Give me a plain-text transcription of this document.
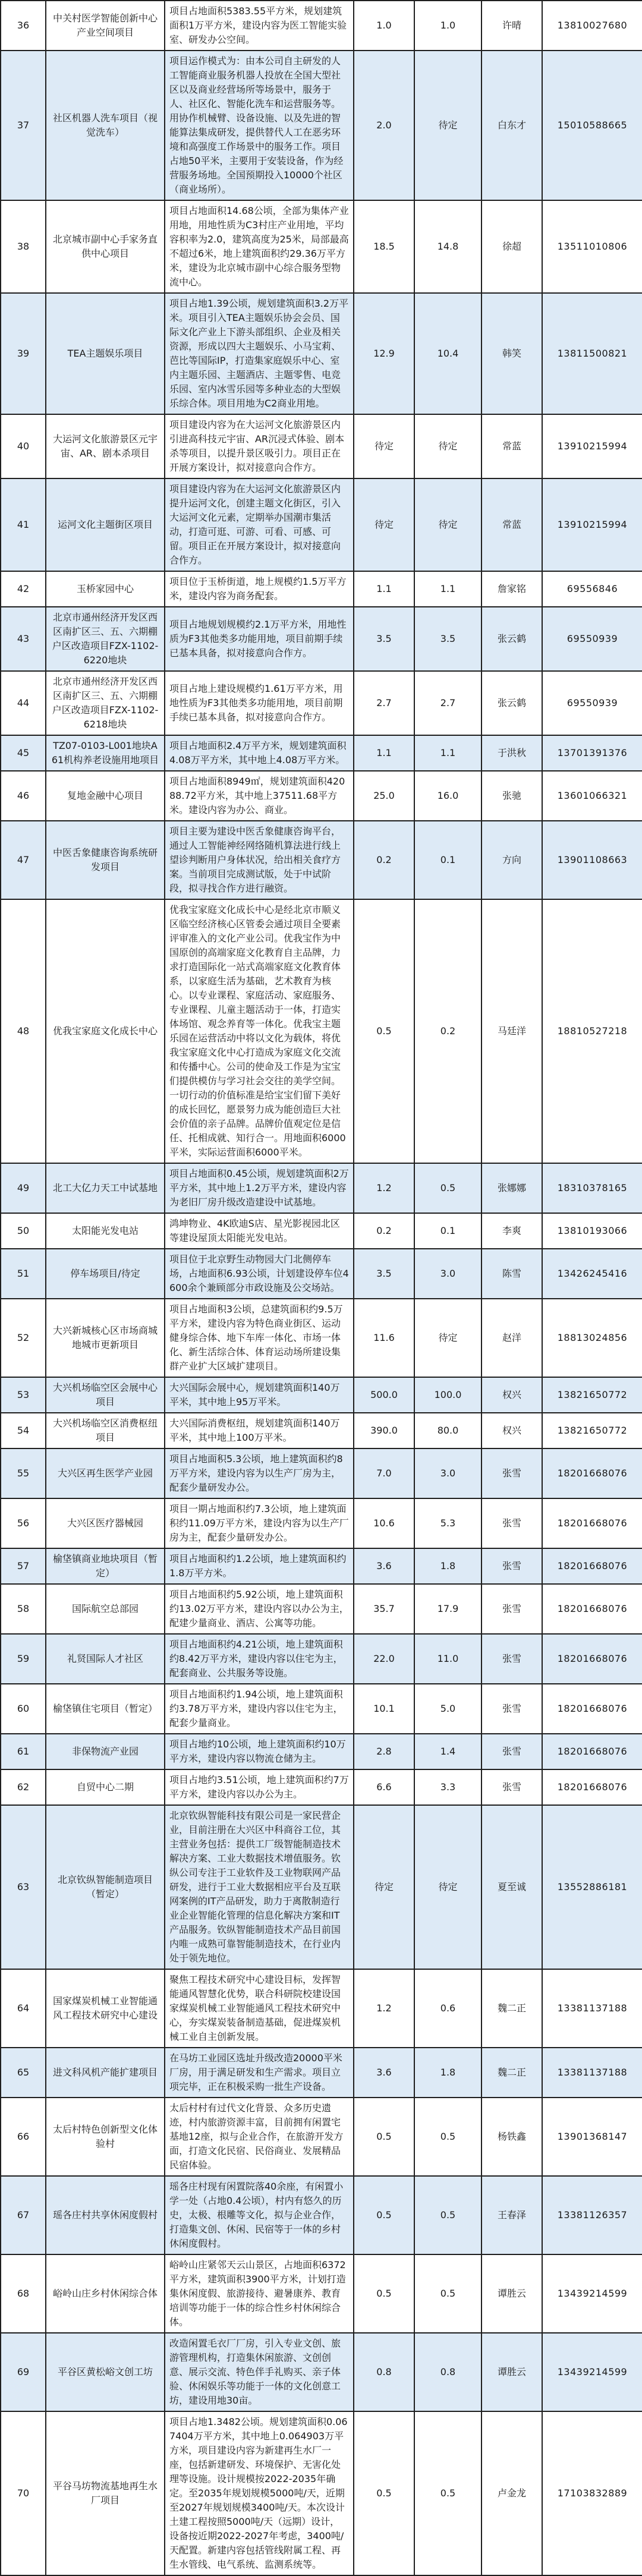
36	中关村医学智能创新中心产业空间项目	项目占地面积5383.55平方米，规划建筑面积1万平方米，建设内容为医工智能实验室、研发办公空间。	1.0	1.0	许晴	13810027680
37	社区机器人洗车项目（视觉洗车）	项目运作模式为：由本公司自主研发的人工智能商业服务机器人投放在全国大型社区以及商业经营场所等场景中，服务于人、社区化、智能化洗车和运营服务等。用协作机械臂、设备设施、以及先进的智能算法集成研发，提供替代人工在恶劣环境和高强度工作场景中的服务工作。项目占地50平米，主要用于安装设备，作为经营服务场地。全国预期投入10000个社区（商业场所）。	2.0	待定	白东才	15010588665
38	北京城市副中心手家务直供中心项目	项目占地面积14.68公顷，全部为集体产业用地，用地性质为C3村庄产业用地，平均容积率为2.0，建筑高度为25米，局部最高不超过6米，地上建筑面积约29.36万平方米，建设为北京城市副中心综合服务型物流中心。	18.5	14.8	徐超	13511010806
39	TEA主题娱乐项目	项目占地1.39公顷，规划建筑面积3.2万平米。项目引入TEA主题娱乐协会会员、国际文化产业上下游头部组织、企业及相关资源，形成以四大主题娱乐、小马宝莉、芭比等国际IP，打造集家庭娱乐中心、室内主题乐园、主题酒店、主题零售、电竞乐园、室内冰雪乐园等多种业态的大型娱乐综合体。项目用地为C2商业用地。	12.9	10.4	韩笑	13811500821
40	大运河文化旅游景区元宇宙、AR、剧本杀项目	项目建设内容为在大运河文化旅游景区内引进高科技元宇宙、AR沉浸式体验、剧本杀等项目，以提升景区吸引力。项目正在开展方案设计，拟对接意向合作方。	待定	待定	常蓝	13910215994
41	运河文化主题街区项目	项目建设内容为在大运河文化旅游景区内提升运河文化，创建主题文化街区，引入大运河文化元素，定期举办国潮市集活动，打造可逛、可游、可看、可感、可留。项目正在开展方案设计，拟对接意向合作方。	待定	待定	常蓝	13910215994
42	玉桥家园中心	项目位于玉桥街道，地上规模约1.5万平方米，建设内容为商务配套。	1.1	1.1	詹家铭	69556846
43	北京市通州经济开发区西区南扩区三、五、六期棚户区改造项目FZX-1102-6220地块	项目占地规划规模约2.1万平方米，用地性质为F3其他类多功能用地，项目前期手续已基本具备，拟对接意向合作方。	3.5	3.5	张云鹤	69550939
44	北京市通州经济开发区西区南扩区三、五、六期棚户区改造项目FZX-1102-6218地块	项目占地上建设规模约1.61万平方米，用地性质为F3其他类多功能用地，项目前期手续已基本具备，拟对接意向合作方。	2.7	2.7	张云鹤	69550939
45	TZ07-0103-L001地块A61机构养老设施用地项目	项目占地面积2.4万平方米，规划建筑面积4.08万平方米，其中地上4.08万平方米。	1.1	1.1	于洪秋	13701391376
46	复地金融中心项目	项目占地面积8949㎡，规划建筑面积42088.72平方米，其中地上37511.68平方米。建设内容为办公、商业。	25.0	16.0	张驰	13601066321
47	中医舌象健康咨询系统研发项目	项目主要为建设中医舌象健康咨询平台，通过人工智能神经网络随机算法进行线上望诊判断用户身体状况，给出相关食疗方案。当前项目完成测试版，处于中试阶段，拟寻找合作方进行融资。	0.2	0.1	方向	13901108663
48	优我宝家庭文化成长中心	优我宝家庭文化成长中心是经北京市顺义区临空经济核心区管委会通过项目全要素评审准入的文化产业公司。优我宝作为中国原创的高端家庭文化教育自主品牌，力求打造国际化一站式高端家庭文化教育体系，以家庭生活为基础，艺术教育为核心。以专业课程、家庭活动、家庭服务、专业课程、儿童主题活动于一体，打造实体场馆、观念养育等一体化。优我宝主题乐园在运营活动中将以文化为载体，将优我宝家庭文化中心打造成为家庭文化交流和传播中心。公司的使命及工作是为宝宝们提供模仿与学习社会交往的美学空间。一切行动的价值标准是给宝宝们留下美好的成长回忆，愿景努力成为能创造巨大社会价值的亲子品牌。品牌价值观定位是信任、托相成就、知行合一。用地面积6000平米，实际运营面积6000平米。	0.5	0.2	马廷洋	18810527218
49	北工大亿力天工中试基地	项目占地面积0.45公顷，规划建筑面积2万平方米，其中地上1.2万平方米，建设内容为老旧厂房升级改造建设中试基地。	1.2	0.5	张娜娜	18310378165
50	太阳能光发电站	鸿坤物业、4K欧迪S店、星光影视园北区等建设屋顶太阳能光发电站。	0.2	0.1	李爽	13810193066
51	停车场项目/待定	项目位于北京野生动物园大门北侧停车场，占地面积6.93公顷，计划建设停车位4600余个兼顾部分市政设施及公交场站。	3.5	3.0	陈雪	13426245416
52	大兴新城核心区市场商城地城市更新项目	项目占地面积3公顷，总建筑面积约9.5万平方米，建设内容为特色商业街区、运动健身综合体、地下车库一体化、市场一体化、新生活综合体、体育运动场所建设集群产业扩大区域扩建项目。	11.6	待定	赵洋	18813024856
53	大兴机场临空区会展中心项目	大兴国际会展中心，规划建筑面积140万平米，其中地上95万平米。	500.0	100.0	权兴	13821650772
54	大兴机场临空区消费枢纽项目	大兴国际消费枢纽，规划建筑面积140万平米，其中地上100万平米。	390.0	80.0	权兴	13821650772
55	大兴区再生医学产业园	项目占地面积5.3公顷，地上建筑面积约8万平方米，建设内容为以生产厂房为主，配套少量研发办公。	7.0	3.0	张雪	18201668076
56	大兴区医疗器械园	项目一期占地面积约7.3公顷，地上建筑面积约11.09万平方米，建设内容为以生产厂房为主，配套少量研发办公。	10.6	5.3	张雪	18201668076
57	榆垡镇商业地块项目（暂定）	项目占地面积约1.2公顷，地上建筑面积约1.8万平方米。	3.6	1.8	张雪	18201668076
58	国际航空总部园	项目占地面积约5.92公顷，地上建筑面积约13.02万平方米，建设内容以办公为主，配建少量商业、酒店、公寓等功能。	35.7	17.9	张雪	18201668076
59	礼贤国际人才社区	项目占地面积约4.21公顷，地上建筑面积约8.42万平方米，建设内容以住宅为主，配套商业、公共服务等设施。	22.0	11.0	张雪	18201668076
60	榆垡镇住宅项目（暂定）	项目占地面积约1.94公顷，地上建筑面积约3.78万平方米，建设内容以住宅为主，配套少量商业。	10.1	5.0	张雪	18201668076
61	非保物流产业园	项目占地约10公顷，地上建筑面积约10万平方米，建设内容以物流仓储为主。	2.8	1.4	张雪	18201668076
62	自贸中心二期	项目占地约3.51公顷，地上建筑面积约7万平方米，建设内容以办公为主。	6.6	3.3	张雪	18201668076
63	北京钦纵智能制造项目（暂定）	北京钦纵智能科技有限公司是一家民营企业，目前注册在大兴区中科商谷工位，其主营业务包括：提供工厂级智能制造技术解决方案、工业大数据技术增值服务。钦纵公司专注于工业软件及工业物联网产品研发，进行于工业大数据相应平台及互联网案例的IT产品研发，助力于离散制造行业企业智能化管理的信息化解决方案和IT产品服务。钦纵智能制造技术产品目前国内唯一成熟可靠智能制造技术，在行业内处于领先地位。	待定	待定	夏至诚	13552886181
64	国家煤炭机械工业智能通风工程技术研究中心建设	聚焦工程技术研究中心建设目标，发挥智能通风智慧化优势，联合科研院校建设国家煤炭机械工业智能通风工程技术研究中心，夯实煤炭装备制造基础，促进煤炭机械工业自主创新发展。	1.2	0.6	魏二正	13381137188
65	进文科风机产能扩建项目	在马坊工业园区选址升级改造20000平米厂房，用于满足研发和生产需求。项目立项完毕，正在积极采购一批生产设备。	3.6	1.8	魏二正	13381137188
66	太后村特色创新型文化体验村	太后村村有过代文化背景、众多历史遗迹，村内旅游资源丰富，目前拥有闲置宅基地12座，拟与企业合作，在旅游开发方面，打造文化民宿、民俗商业、发展精品民宿体验。	0.5	0.5	杨铁鑫	13901368147
67	瑶各庄村共享休闲度假村	瑶各庄村现有闲置院落40余座，有闲置小学一处（占地0.4公顷），村内有悠久的历史，太极、根雕等文化，拟与企业合作，打造集文创、休闲、民宿等于一体的乡村休闲度假村。	0.5	0.5	王春泽	13381126357
68	峪岭山庄乡村休闲综合体	峪岭山庄紧邻天云山景区，占地面积6372平方米，建筑面积3900平方米，计划打造集休闲度假、旅游接待、避暑康养、教育培训等功能于一体的综合性乡村休闲综合体。	0.5	0.5	谭胜云	13439214599
69	平谷区黄松峪文创工坊	改造闲置毛衣厂厂房，引入专业文创、旅游管理机构，打造集休闲旅游、文创创意、展示交流、特色伴手礼购买、亲子体验、休闲娱乐等功能于一体的文化创意工坊，建设用地30亩。	0.8	0.8	谭胜云	13439214599
70	平谷马坊物流基地再生水厂项目	项目占地1.3482公顷。规划建筑面积0.067404万平方米，其中地上0.064903万平方米，项目建设内容为新建再生水厂一座，包括新建研发、环境保护、无害化处理等设施。设计规模按2022-2035年确定。至2035年规划规模5000吨/天，近期至2027年规划规模3400吨/天。本次设计土建工程按照5000吨/天（远期）设计，设备按近期2022-2027年考虑，3400吨/天配置。新建内容包括管线附属工程、再生水管线、电气系统、监测系统等。	0.5	0.5	卢金龙	17103832889
